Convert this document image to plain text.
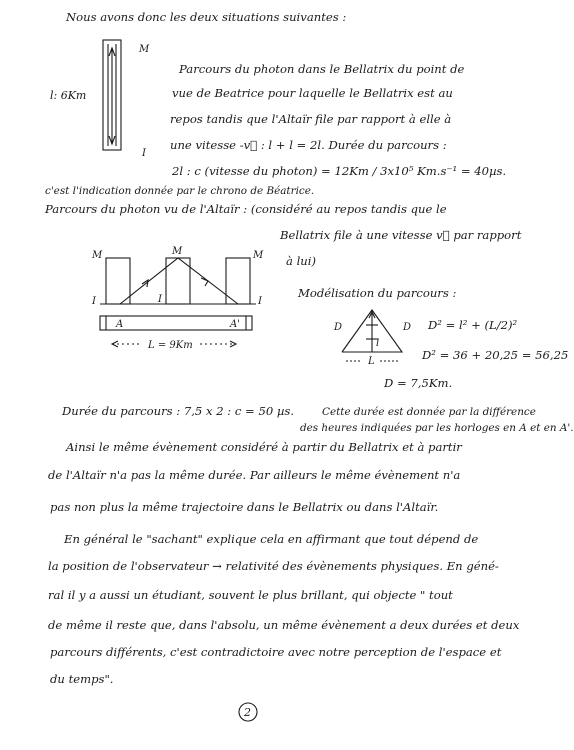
Nous avons donc les deux situations suivantes :
M
I
l: 6Km
Parcours du photon dans le Bellatrix du point de
vue de Beatrice pour laquelle le Bellatrix est au
repos tandis que l'Altaïr file par rapport à elle à
une vitesse -v⃗ : l + l = 2l. Durée du parcours :
2l : c (vitesse du photon) = 12Km / 3x10⁵ Km.s⁻¹ = 40µs.
c'est l'indication donnée par le chrono de Béatrice.
Parcours du photon vu de l'Altaïr : (considéré au repos tandis que le
Bellatrix file à une vitesse v⃗ par rapport
à lui)
A	A'
L = 9Km
M	M	M
I	I	I
Modélisation du parcours :
D	D
l
L
D² = l² + (L/2)²
D² = 36 + 20,25 = 56,25
D = 7,5Km.
Durée du parcours : 7,5 x 2 : c = 50 µs.	Cette durée est donnée par la différence
des heures indiquées par les horloges en A et en A'.
Ainsi le même évènement considéré à partir du Bellatrix et à partir
de l'Altaïr n'a pas la même durée. Par ailleurs le même évènement n'a
pas non plus la même trajectoire dans le Bellatrix ou dans l'Altaïr.
En général le "sachant" explique cela en affirmant que tout dépend de
la position de l'observateur → relativité des évènements physiques. En géné-
ral il y a aussi un étudiant, souvent le plus brillant, qui objecte " tout
de même il reste que, dans l'absolu, un même évènement a deux durées et deux
parcours différents, c'est contradictoire avec notre perception de l'espace et
du temps".
2
